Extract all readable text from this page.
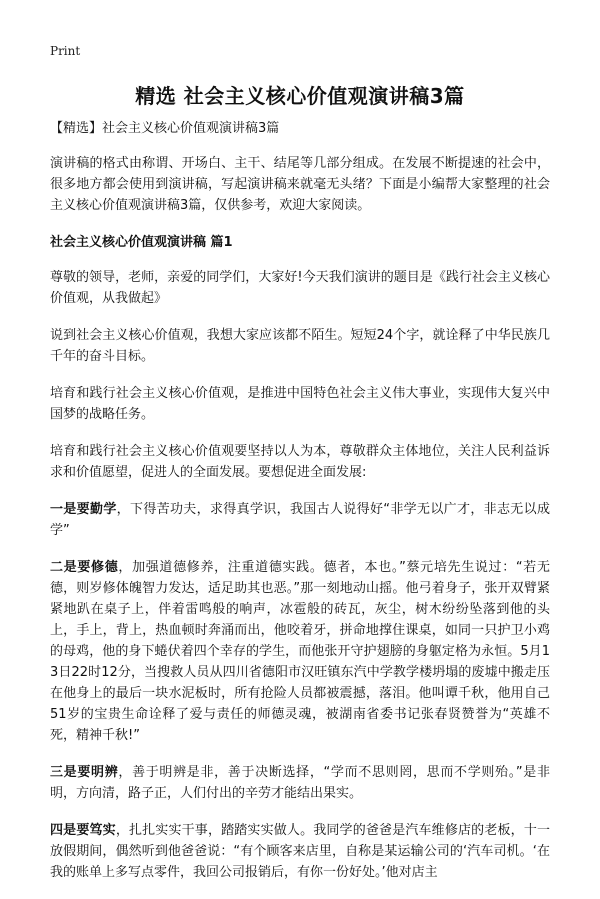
Print
精选 社会主义核心价值观演讲稿3篇

【精选】社会主义核心价值观演讲稿3篇

演讲稿的格式由称谓、开场白、主干、结尾等几部分组成。在发展不断提速的社会中，很多地方都会使用到演讲稿，写起演讲稿来就毫无头绪？下面是小编帮大家整理的社会主义核心价值观演讲稿3篇，仅供参考，欢迎大家阅读。

社会主义核心价值观演讲稿 篇1

尊敬的领导，老师，亲爱的同学们，大家好!今天我们演讲的题目是《践行社会主义核心价值观，从我做起》

说到社会主义核心价值观，我想大家应该都不陌生。短短24个字，就诠释了中华民族几千年的奋斗目标。

培育和践行社会主义核心价值观，是推进中国特色社会主义伟大事业，实现伟大复兴中国梦的战略任务。

培育和践行社会主义核心价值观要坚持以人为本，尊敬群众主体地位，关注人民利益诉求和价值愿望，促进人的全面发展。要想促进全面发展:

一是要勤学，下得苦功夫，求得真学识，我国古人说得好“非学无以广才，非志无以成学”

二是要修德，加强道德修养，注重道德实践。德者，本也。”蔡元培先生说过：“若无德，则岁修体魄智力发达，适足助其也恶。”那一刻地动山摇。他弓着身子，张开双臂紧紧地趴在桌子上，伴着雷鸣般的响声，冰雹般的砖瓦，灰尘，树木纷纷坠落到他的头上，手上，背上，热血顿时奔涌而出，他咬着牙，拼命地撑住课桌，如同一只护卫小鸡的母鸡，他的身下蜷伏着四个幸存的学生，而他张开守护翅膀的身躯定格为永恒。5月13日22时12分，当搜救人员从四川省德阳市汉旺镇东汽中学教学楼坍塌的废墟中搬走压在他身上的最后一块水泥板时，所有抢险人员都被震撼，落泪。他叫谭千秋，他用自己51岁的宝贵生命诠释了爱与责任的师德灵魂，被湖南省委书记张春贤赞誉为“英雄不死，精神千秋!”

三是要明辨，善于明辨是非，善于决断选择，“学而不思则罔，思而不学则殆。”是非明，方向清，路子正，人们付出的辛劳才能结出果实。

四是要笃实，扎扎实实干事，踏踏实实做人。我同学的爸爸是汽车维修店的老板，十一放假期间，偶然听到他爸爸说：“有个顾客来店里，自称是某运输公司的‘汽车司机。‘在我的账单上多写点零件，我回公司报销后，有你一份好处。’他对店主
